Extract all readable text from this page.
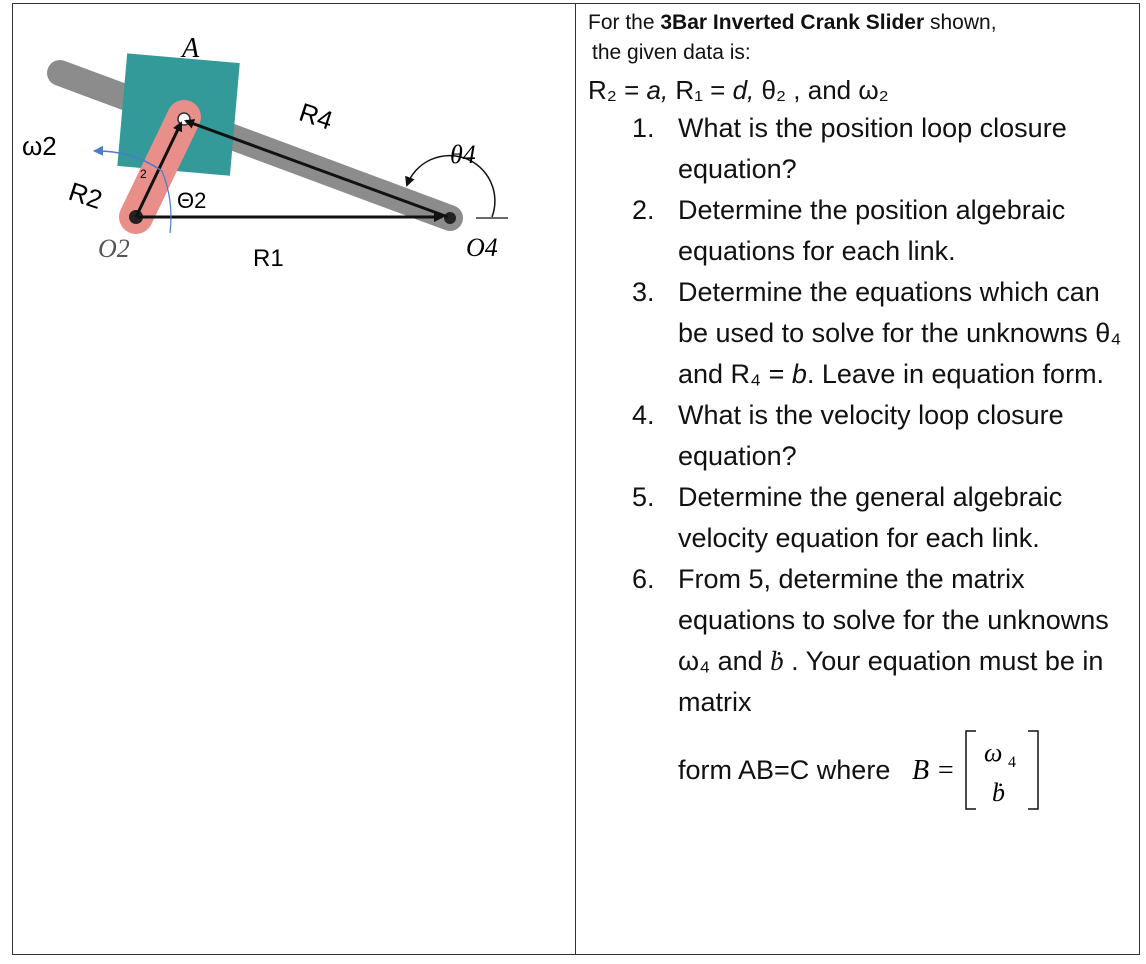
A
R4
θ4
ω2
R2
2
Θ2
O2	R1	O4
For the 3Bar Inverted Crank Slider shown,
the given data is:
R₂ = a, R₁ = d, θ₂ , and ω₂
1. What is the position loop closure equation?
2. Determine the position algebraic equations for each link.
3. Determine the equations which can be used to solve for the unknowns θ₄ and R₄ = b. Leave in equation form.
4. What is the velocity loop closure equation?
5. Determine the general algebraic velocity equation for each link.
6. From 5, determine the matrix equations to solve for the unknowns ω₄ and ḃ . Your equation must be in matrix
form AB=C where B =
ω 4
ḃ
